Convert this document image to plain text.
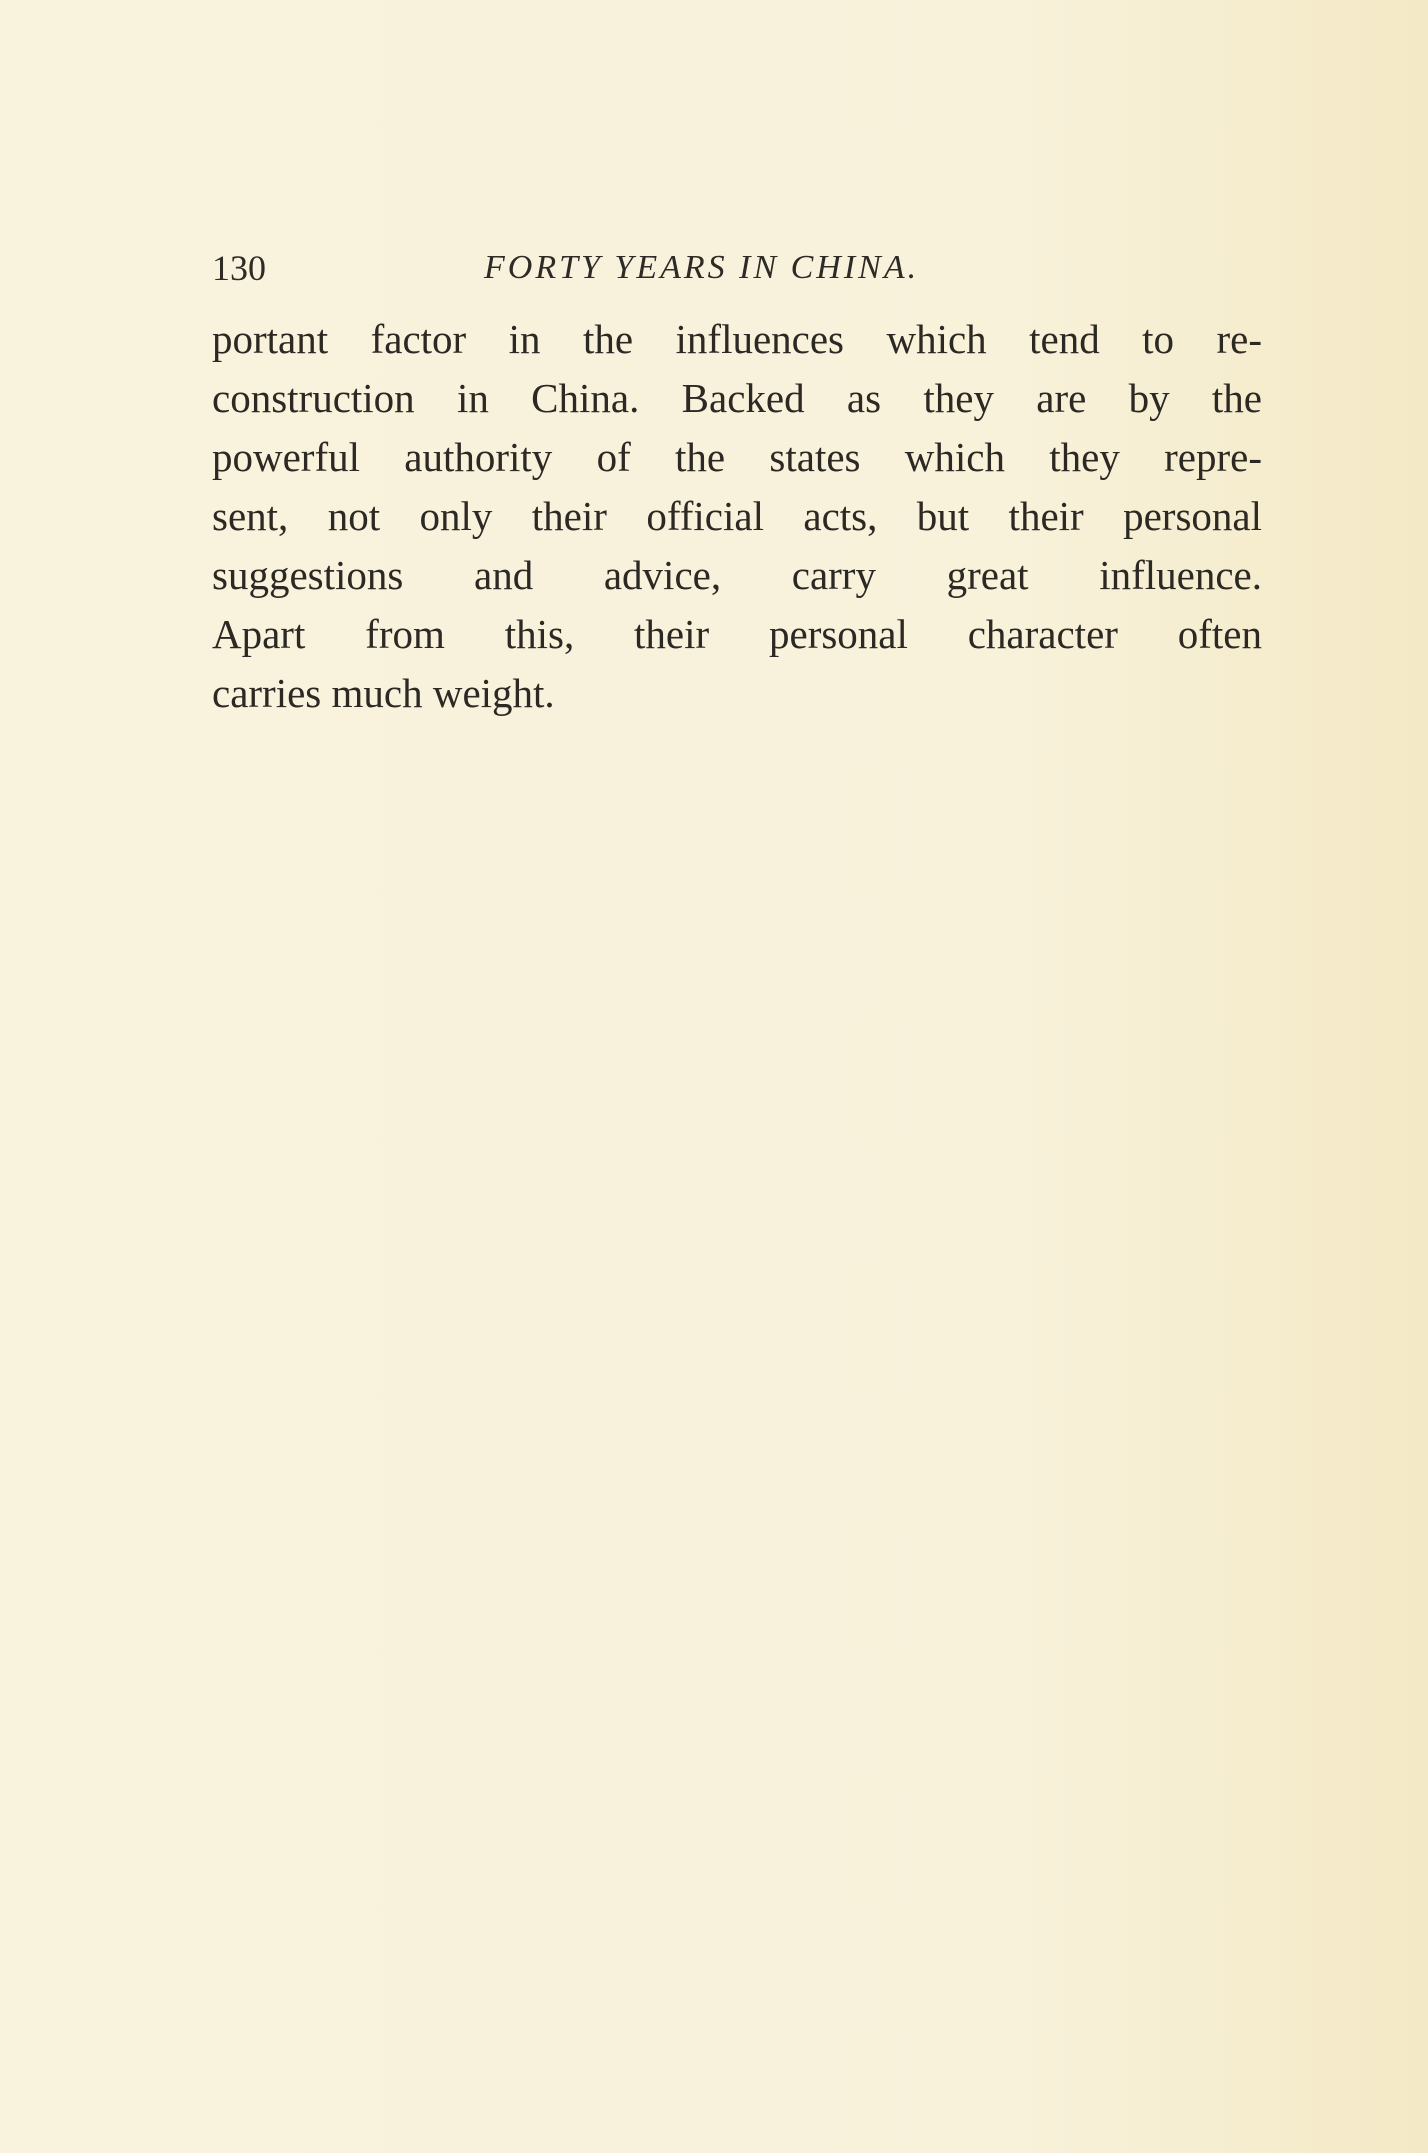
130	FORTY YEARS IN CHINA.
portant factor in the influences which tend to re-
construction in China. Backed as they are by the
powerful authority of the states which they repre-
sent, not only their official acts, but their personal
suggestions and advice, carry great influence.
Apart from this, their personal character often
carries much weight.
